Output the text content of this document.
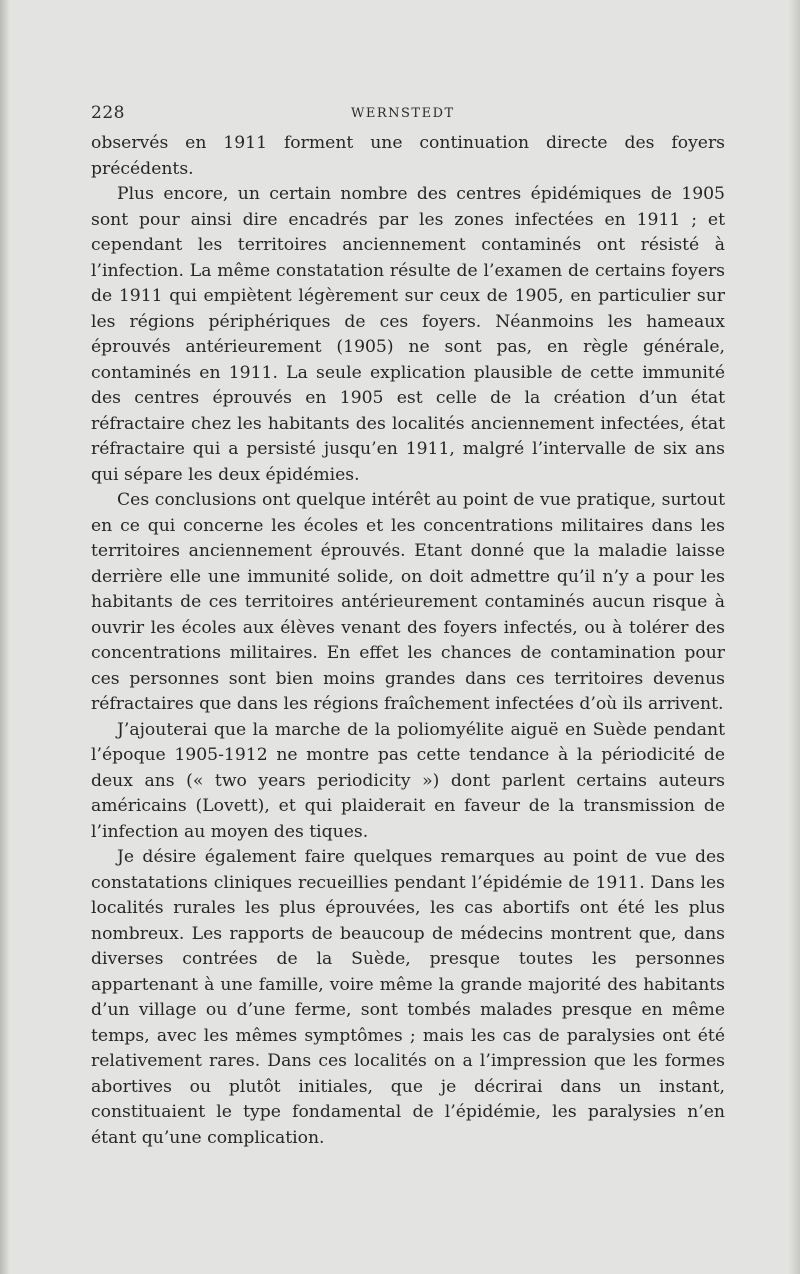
228	WERNSTEDT

observés en 1911 forment une continuation directe des foyers précédents.

Plus encore, un certain nombre des centres épidémiques de 1905 sont pour ainsi dire encadrés par les zones infectées en 1911 ; et cependant les territoires anciennement contaminés ont résisté à l’infection. La même constatation résulte de l’examen de certains foyers de 1911 qui empiètent légèrement sur ceux de 1905, en particulier sur les régions périphériques de ces foyers. Néanmoins les hameaux éprouvés antérieurement (1905) ne sont pas, en règle générale, contaminés en 1911. La seule explication plausible de cette immunité des centres éprouvés en 1905 est celle de la création d’un état réfractaire chez les habitants des localités anciennement infectées, état réfractaire qui a persisté jusqu’en 1911, malgré l’intervalle de six ans qui sépare les deux épidémies.

Ces conclusions ont quelque intérêt au point de vue pratique, surtout en ce qui concerne les écoles et les concentrations militaires dans les territoires anciennement éprouvés. Etant donné que la maladie laisse derrière elle une immunité solide, on doit admettre qu’il n’y a pour les habitants de ces territoires antérieurement contaminés aucun risque à ouvrir les écoles aux élèves venant des foyers infectés, ou à tolérer des concentrations militaires. En effet les chances de contamination pour ces personnes sont bien moins grandes dans ces territoires devenus réfractaires que dans les régions fraîchement infectées d’où ils arrivent.

J’ajouterai que la marche de la poliomyélite aiguë en Suède pendant l’époque 1905-1912 ne montre pas cette tendance à la périodicité de deux ans (« two years periodicity ») dont parlent certains auteurs américains (Lovett), et qui plaiderait en faveur de la transmission de l’infection au moyen des tiques.

Je désire également faire quelques remarques au point de vue des constatations cliniques recueillies pendant l’épidémie de 1911. Dans les localités rurales les plus éprouvées, les cas abortifs ont été les plus nombreux. Les rapports de beaucoup de médecins montrent que, dans diverses contrées de la Suède, presque toutes les personnes appartenant à une famille, voire même la grande majorité des habitants d’un village ou d’une ferme, sont tombés malades presque en même temps, avec les mêmes symptômes ; mais les cas de paralysies ont été relativement rares. Dans ces localités on a l’impression que les formes abortives ou plutôt initiales, que je décrirai dans un instant, constituaient le type fondamental de l’épidémie, les paralysies n’en étant qu’une complication.
